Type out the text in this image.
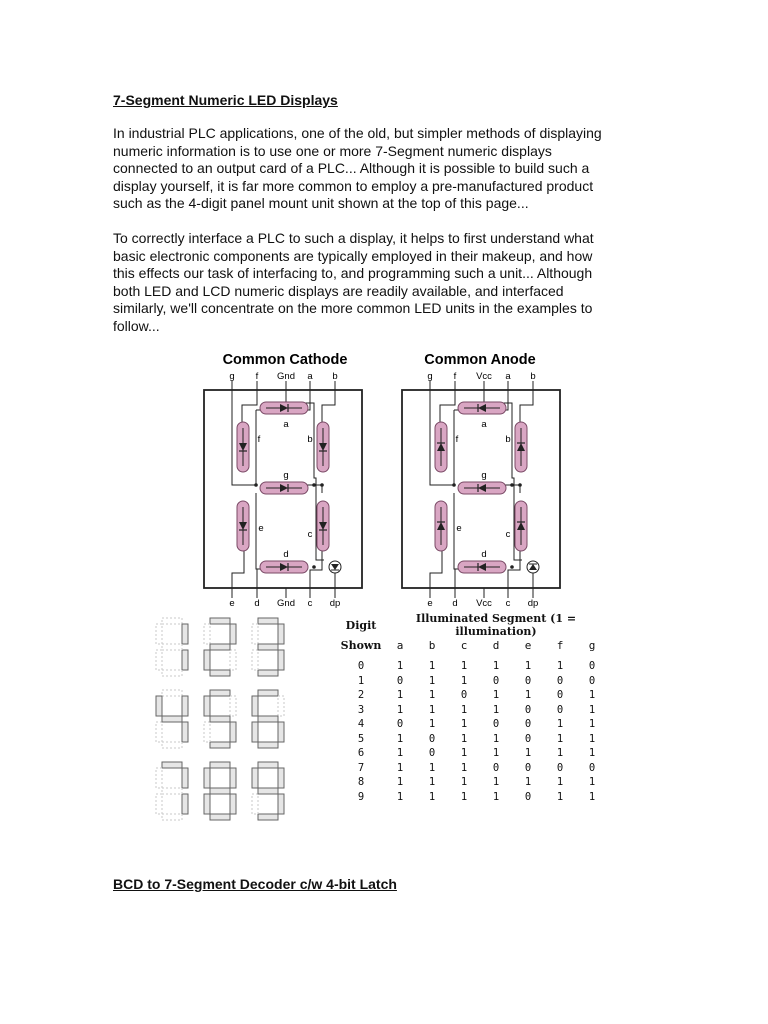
7-Segment Numeric LED Displays
In industrial PLC applications, one of the old, but simpler methods of displaying
numeric information is to use one or more 7-Segment numeric displays
connected to an output card of a PLC... Although it is possible to build such a
display yourself, it is far more common to employ a pre-manufactured product
such as the 4-digit panel mount unit shown at the top of this page...
To correctly interface a PLC to such a display, it helps to first understand what
basic electronic components are typically employed in their makeup, and how
this effects our task of interfacing to, and programming such a unit... Although
both LED and LCD numeric displays are readily available, and interfaced
similarly, we'll concentrate on the more common LED units in the examples to
follow...
Common Cathode	Common Anode
g f Gnd a b
e d Gnd c dp
a
g
d
f	b
e
c
g f Vcc a b
e d Vcc c dp
a
g
d
f	b
e
c
Digit	Illuminated Segment (1 = illumination)						
Shown	a	b	c	d	e	f	g

0	1	1	1	1	1	1	0
1	0	1	1	0	0	0	0
2	1	1	0	1	1	0	1
3	1	1	1	1	0	0	1
4	0	1	1	0	0	1	1
5	1	0	1	1	0	1	1
6	1	0	1	1	1	1	1
7	1	1	1	0	0	0	0
8	1	1	1	1	1	1	1
9	1	1	1	1	0	1	1
BCD to 7-Segment Decoder c/w 4-bit Latch
